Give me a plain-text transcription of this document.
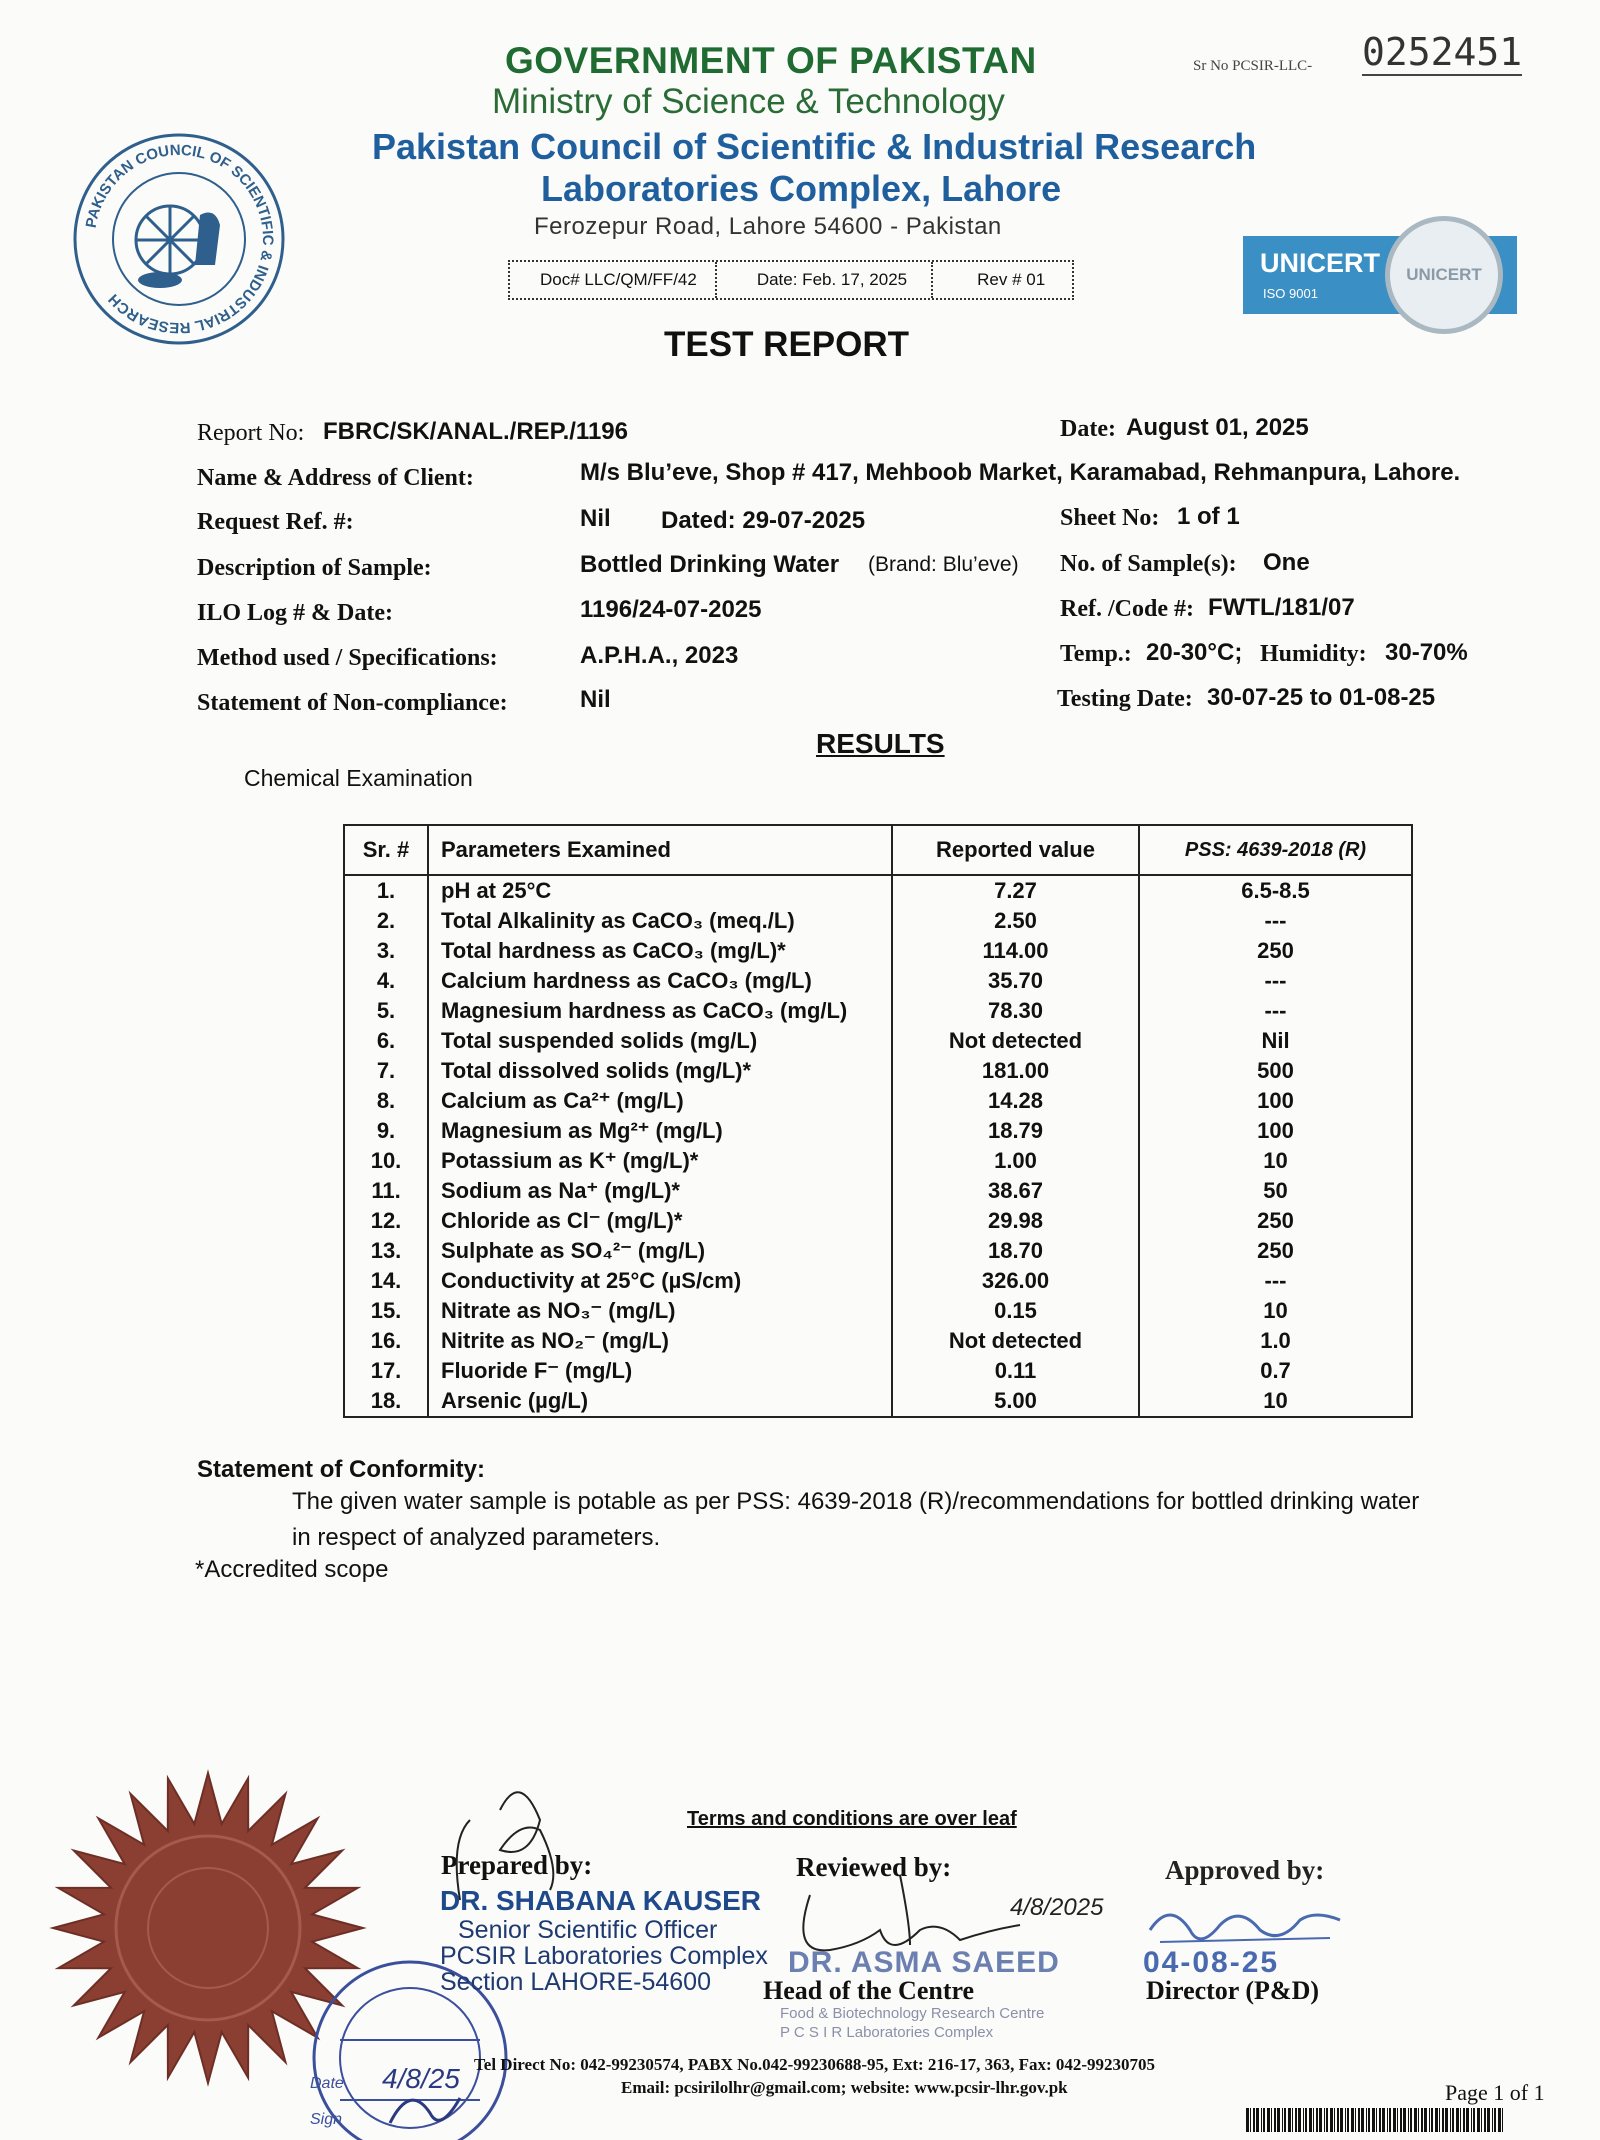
PAKISTAN COUNCIL OF SCIENTIFIC & INDUSTRIAL RESEARCH
GOVERNMENT OF PAKISTAN
Ministry of Science & Technology
Pakistan Council of Scientific & Industrial Research
Laboratories Complex, Lahore
Ferozepur Road, Lahore 54600 - Pakistan
Doc# LLC/QM/FF/42	Date: Feb. 17, 2025	Rev # 01
Sr No PCSIR-LLC- 0252451
UNICERT
ISO 9001
UNICERT
TEST REPORT
Report No: FBRC/SK/ANAL./REP./1196	Date: August 01, 2025
Name & Address of Client:	M/s Blu’eve, Shop # 417, Mehboob Market, Karamabad, Rehmanpura, Lahore.
Request Ref. #:	Nil Dated: 29-07-2025	Sheet No: 1 of 1
Description of Sample:	Bottled Drinking Water (Brand: Blu’eve) No. of Sample(s): One
ILO Log # & Date:	1196/24-07-2025	Ref. /Code #: FWTL/181/07
Method used / Specifications:	A.P.H.A., 2023	Temp.: 20-30°C; Humidity: 30-70%
Statement of Non-compliance:	Nil	Testing Date: 30-07-25 to 01-08-25
RESULTS
Chemical Examination
Sr. #	Parameters Examined	Reported value	PSS: 4639-2018 (R)
1.	pH at 25°C	7.27	6.5-8.5
2.	Total Alkalinity as CaCO₃ (meq./L)	2.50	---
3.	Total hardness as CaCO₃ (mg/L)*	114.00	250
4.	Calcium hardness as CaCO₃ (mg/L)	35.70	---
5.	Magnesium hardness as CaCO₃ (mg/L)	78.30	---
6.	Total suspended solids (mg/L)	Not detected	Nil
7.	Total dissolved solids (mg/L)*	181.00	500
8.	Calcium as Ca²⁺ (mg/L)	14.28	100
9.	Magnesium as Mg²⁺ (mg/L)	18.79	100
10.	Potassium as K⁺ (mg/L)*	1.00	10
11.	Sodium as Na⁺ (mg/L)*	38.67	50
12.	Chloride as Cl⁻ (mg/L)*	29.98	250
13.	Sulphate as SO₄²⁻ (mg/L)	18.70	250
14.	Conductivity at 25°C (µS/cm)	326.00	---
15.	Nitrate as NO₃⁻ (mg/L)	0.15	10
16.	Nitrite as NO₂⁻ (mg/L)	Not detected	1.0
17.	Fluoride F⁻ (mg/L)	0.11	0.7
18.	Arsenic (µg/L)	5.00	10
Statement of Conformity:
The given water sample is potable as per PSS: 4639-2018 (R)/recommendations for bottled drinking water in respect of analyzed parameters.
*Accredited scope
Date
Sign
4/8/25
Terms and conditions are over leaf
Prepared by:
DR. SHABANA KAUSER
Senior Scientific Officer
PCSIR Laboratories Complex
Section LAHORE-54600
Reviewed by:
4/8/2025
DR. ASMA SAEED
Head of the Centre
Food & Biotechnology Research Centre
P C S I R Laboratories Complex
Approved by:
04-08-25
Director (P&D)
Tel Direct No: 042-99230574, PABX No.042-99230688-95, Ext: 216-17, 363, Fax: 042-99230705
Email: pcsirilolhr@gmail.com; website: www.pcsir-lhr.gov.pk	Page 1 of 1
